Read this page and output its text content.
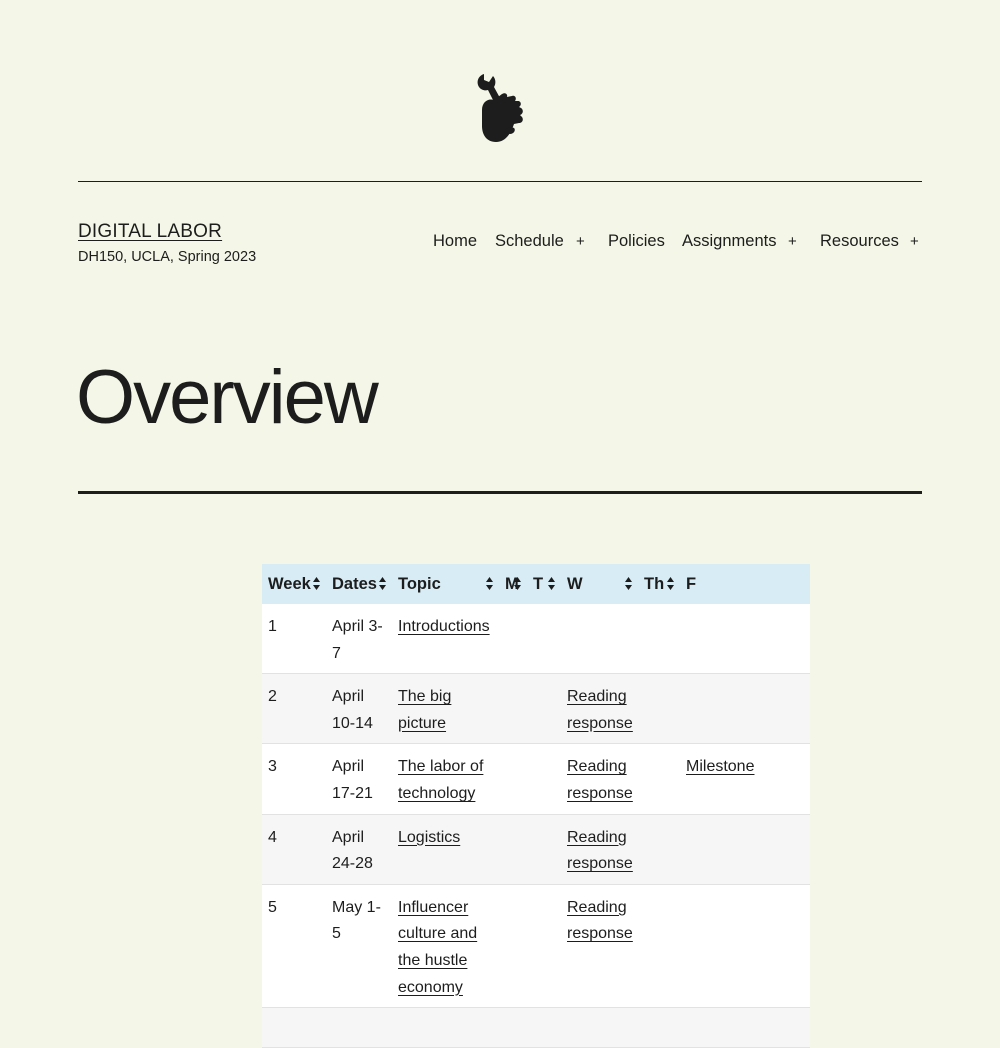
DIGITAL LABOR
DH150, UCLA, Spring 2023
Home Schedule + Policies Assignments + Resources +
Overview
Week	Dates	Topic	M	T	W	Th	F
1	April 3-7	Introductions					
2	April 10-14	The big picture			Reading response		
3	April 17-21	The labor of technology			Reading response		Milestone
4	April 24-28	Logistics			Reading response		
5	May 1-5	Influencer culture and the hustle economy			Reading response		
